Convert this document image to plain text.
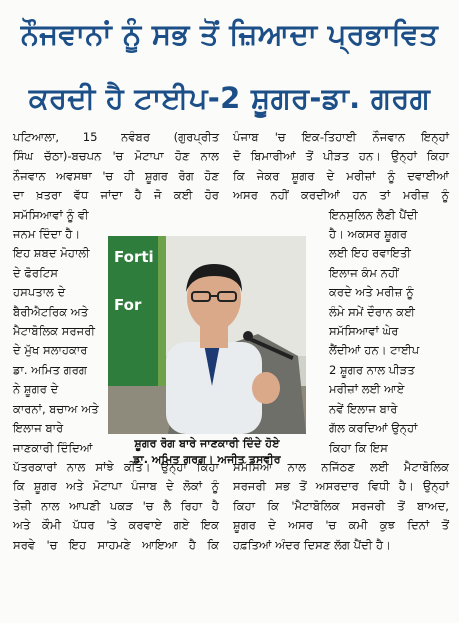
ਨੌਜਵਾਨਾਂ ਨੂੰ ਸਭ ਤੋਂ ਜ਼ਿਆਦਾ ਪ੍ਰਭਾਵਿਤ
ਕਰਦੀ ਹੈ ਟਾਈਪ-2 ਸ਼ੂਗਰ-ਡਾ. ਗਰਗ

ਪਟਿਆਲਾ, 15 ਨਵੰਬਰ (ਗੁਰਪ੍ਰੀਤ

ਸਿੰਘ ਚੱਠਾ)-ਬਚਪਨ 'ਚ ਮੋਟਾਪਾ ਹੋਣ ਨਾਲ

ਨੌਜਵਾਨ ਅਵਸਥਾ 'ਚ ਹੀ ਸ਼ੂਗਰ ਰੋਗ ਹੋਣ

ਦਾ ਖ਼ਤਰਾ ਵੱਧ ਜਾਂਦਾ ਹੈ ਜੋ ਕਈ ਹੋਰ

ਸਮੱਸਿਆਵਾਂ ਨੂੰ ਵੀ

ਜਨਮ ਦਿੰਦਾ ਹੈ।

ਇਹ ਸ਼ਬਦ ਮੋਹਾਲੀ

ਦੇ ਫੋਰਟਿਸ

ਹਸਪਤਾਲ ਦੇ

ਬੈਰੀਐਟਰਿਕ ਅਤੇ

ਮੈਟਾਬੋਲਿਕ ਸਰਜਰੀ

ਦੇ ਮੁੱਖ ਸਲਾਹਕਾਰ

ਡਾ. ਅਮਿਤ ਗਰਗ

ਨੇ ਸ਼ੂਗਰ ਦੇ

ਕਾਰਨਾਂ, ਬਚਾਅ ਅਤੇ

ਇਲਾਜ ਬਾਰੇ

ਜਾਣਕਾਰੀ ਦਿੰਦਿਆਂ

ਪੰਜਾਬ 'ਚ ਇਕ-ਤਿਹਾਈ ਨੌਜਵਾਨ ਇਨ੍ਹਾਂ

ਦੋ ਬਿਮਾਰੀਆਂ ਤੋਂ ਪੀੜਤ ਹਨ। ਉਨ੍ਹਾਂ ਕਿਹਾ

ਕਿ ਜੇਕਰ ਸ਼ੂਗਰ ਦੇ ਮਰੀਜ਼ਾਂ ਨੂੰ ਦਵਾਈਆਂ

ਅਸਰ ਨਹੀਂ ਕਰਦੀਆਂ ਹਨ ਤਾਂ ਮਰੀਜ਼ ਨੂੰ

ਇਨਸੁਲਿਨ ਲੈਣੀ ਪੈਂਦੀ

ਹੈ। ਅਕਸਰ ਸ਼ੂਗਰ

ਲਈ ਇਹ ਰਵਾਇਤੀ

ਇਲਾਜ ਕੰਮ ਨਹੀਂ

ਕਰਦੇ ਅਤੇ ਮਰੀਜ਼ ਨੂੰ

ਲੰਮੇ ਸਮੇਂ ਦੌਰਾਨ ਕਈ

ਸਮੱਸਿਆਵਾਂ ਘੇਰ

ਲੈਂਦੀਆਂ ਹਨ। ਟਾਈਪ

2 ਸ਼ੂਗਰ ਨਾਲ ਪੀੜਤ

ਮਰੀਜ਼ਾਂ ਲਈ ਆਏ

ਨਵੇਂ ਇਲਾਜ ਬਾਰੇ

ਗੱਲ ਕਰਦਿਆਂ ਉਨ੍ਹਾਂ

ਕਿਹਾ ਕਿ ਇਸ

Forti
For

ਸ਼ੂਗਰ ਰੋਗ ਬਾਰੇ ਜਾਣਕਾਰੀ ਦਿੰਦੇ ਹੋਏ

ਡਾ. ਅਮਿਤ ਗਰਗ। ਅਜੀਤ ਤਸਵੀਰ

ਪੱਤਰਕਾਰਾਂ ਨਾਲ ਸਾਂਝੇ ਕੀਤੇ। ਉਨ੍ਹਾਂ ਕਿਹਾ

ਕਿ ਸ਼ੂਗਰ ਅਤੇ ਮੋਟਾਪਾ ਪੰਜਾਬ ਦੇ ਲੋਕਾਂ ਨੂੰ

ਤੇਜ਼ੀ ਨਾਲ ਆਪਣੀ ਪਕੜ 'ਚ ਲੈ ਰਿਹਾ ਹੈ

ਅਤੇ ਕੌਮੀ ਪੱਧਰ 'ਤੇ ਕਰਵਾਏ ਗਏ ਇਕ

ਸਰਵੇ 'ਚ ਇਹ ਸਾਹਮਣੇ ਆਇਆ ਹੈ ਕਿ

ਸਮੱਸਿਆ ਨਾਲ ਨਜਿੱਠਣ ਲਈ ਮੈਟਾਬੋਲਿਕ

ਸਰਜਰੀ ਸਭ ਤੋਂ ਅਸਰਦਾਰ ਵਿਧੀ ਹੈ। ਉਨ੍ਹਾਂ

ਕਿਹਾ ਕਿ 'ਮੈਟਾਬੋਲਿਕ ਸਰਜਰੀ ਤੋਂ ਬਾਅਦ,

ਸ਼ੂਗਰ ਦੇ ਅਸਰ 'ਚ ਕਮੀ ਕੁਝ ਦਿਨਾਂ ਤੋਂ

ਹਫ਼ਤਿਆਂ ਅੰਦਰ ਦਿਸਣ ਲੱਗ ਪੈਂਦੀ ਹੈ।
